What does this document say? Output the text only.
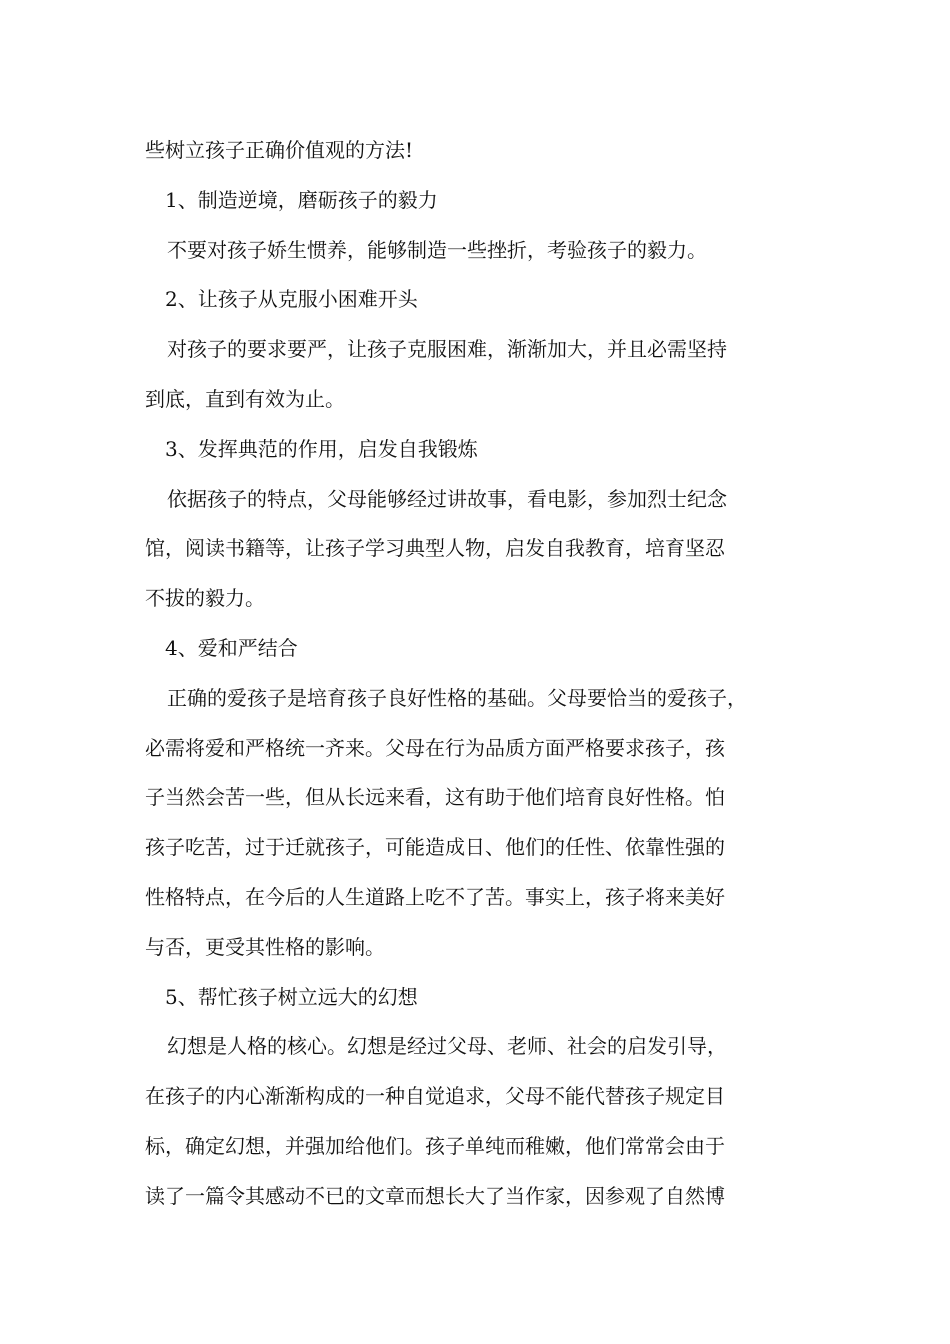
些树立孩子正确价值观的方法!
1、制造逆境，磨砺孩子的毅力
不要对孩子娇生惯养，能够制造一些挫折，考验孩子的毅力。
2、让孩子从克服小困难开头
对孩子的要求要严，让孩子克服困难，渐渐加大，并且必需坚持
到底，直到有效为止。
3、发挥典范的作用，启发自我锻炼
依据孩子的特点，父母能够经过讲故事，看电影，参加烈士纪念
馆，阅读书籍等，让孩子学习典型人物，启发自我教育，培育坚忍
不拔的毅力。
4、爱和严结合
正确的爱孩子是培育孩子良好性格的基础。父母要恰当的爱孩子，
必需将爱和严格统一齐来。父母在行为品质方面严格要求孩子，孩
子当然会苦一些，但从长远来看，这有助于他们培育良好性格。怕
孩子吃苦，过于迁就孩子，可能造成日、他们的任性、依靠性强的
性格特点，在今后的人生道路上吃不了苦。事实上，孩子将来美好
与否，更受其性格的影响。
5、帮忙孩子树立远大的幻想
幻想是人格的核心。幻想是经过父母、老师、社会的启发引导，
在孩子的内心渐渐构成的一种自觉追求，父母不能代替孩子规定目
标，确定幻想，并强加给他们。孩子单纯而稚嫩，他们常常会由于
读了一篇令其感动不已的文章而想长大了当作家，因参观了自然博
